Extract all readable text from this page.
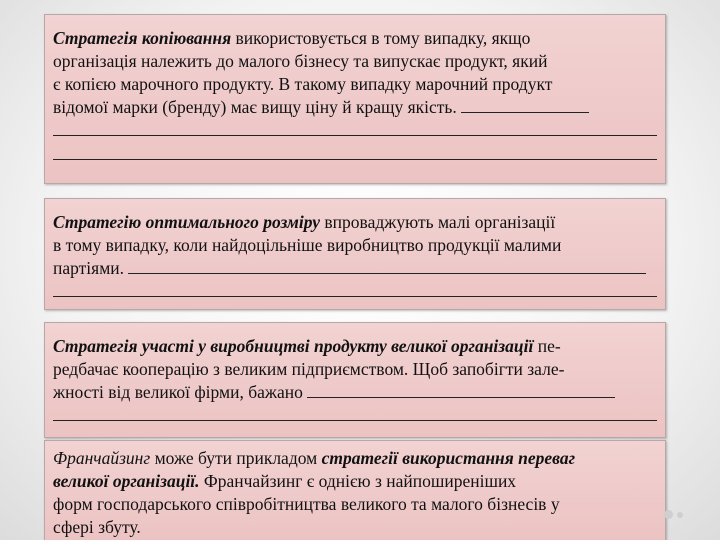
Стратегія копіювання використовується в тому випадку, якщо
організація належить до малого бізнесу та випускає продукт, який
є копією марочного продукту. В такому випадку марочний продукт
відомої марки (бренду) має вищу ціну й кращу якість.
Стратегію оптимального розміру впроваджують малі організації
в тому випадку, коли найдоцільніше виробництво продукції малими
партіями.
Стратегія участі у виробництві продукту великої організації пе-
редбачає кооперацію з великим підприємством. Щоб запобігти зале-
жності від великої фірми, бажано
Франчайзинг може бути прикладом стратегії використання переваг
великої організації. Франчайзинг є однією з найпоширеніших
форм господарського співробітництва великого та малого бізнесів у
сфері збуту.
